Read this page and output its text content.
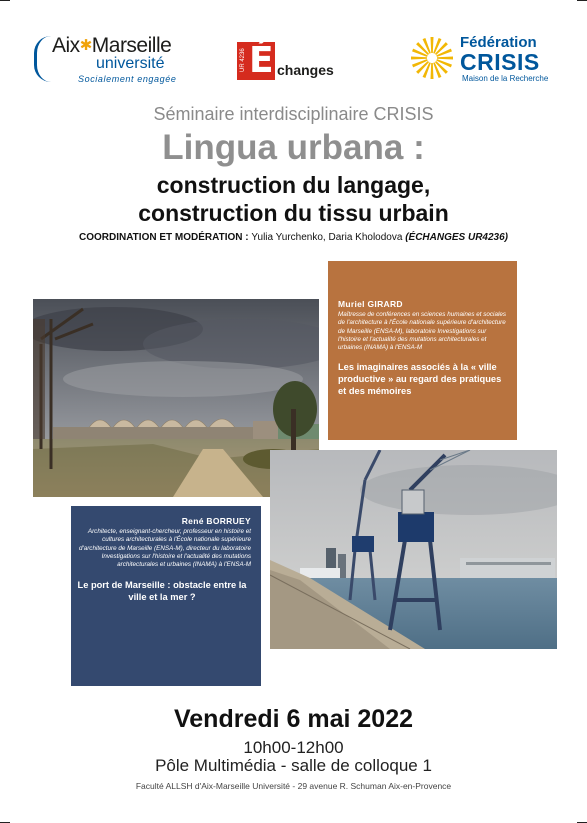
Aix✱Marseille
université
Socialement engagée
UR 4236 É changes
Fédération
CRISIS
Maison de la Recherche
Séminaire interdisciplinaire CRISIS
Lingua urbana :
construction du langage,
construction du tissu urbain
COORDINATION ET MODÉRATION : Yulia Yurchenko, Daria Kholodova (ÉCHANGES UR4236)
Muriel GIRARD
Maîtresse de conférences en sciences humaines et sociales de l'architecture à l'École nationale supérieure d'architecture de Marseille (ENSA-M), laboratoire Investigations sur l'histoire et l'actualité des mutations architecturales et urbaines (INAMA) à l'ENSA-M
Les imaginaires associés à la « ville productive » au regard des pratiques et des mémoires
René BORRUEY
Architecte, enseignant-chercheur, professeur en histoire et cultures architecturales à l'École nationale supérieure d'architecture de Marseille (ENSA-M), directeur du laboratoire Investigations sur l'histoire et l'actualité des mutations architecturales et urbaines (INAMA) à l'ENSA-M
Le port de Marseille : obstacle entre la ville et la mer ?
Vendredi 6 mai 2022
10h00-12h00
Pôle Multimédia - salle de colloque 1
Faculté ALLSH d'Aix-Marseille Université - 29 avenue R. Schuman Aix-en-Provence
